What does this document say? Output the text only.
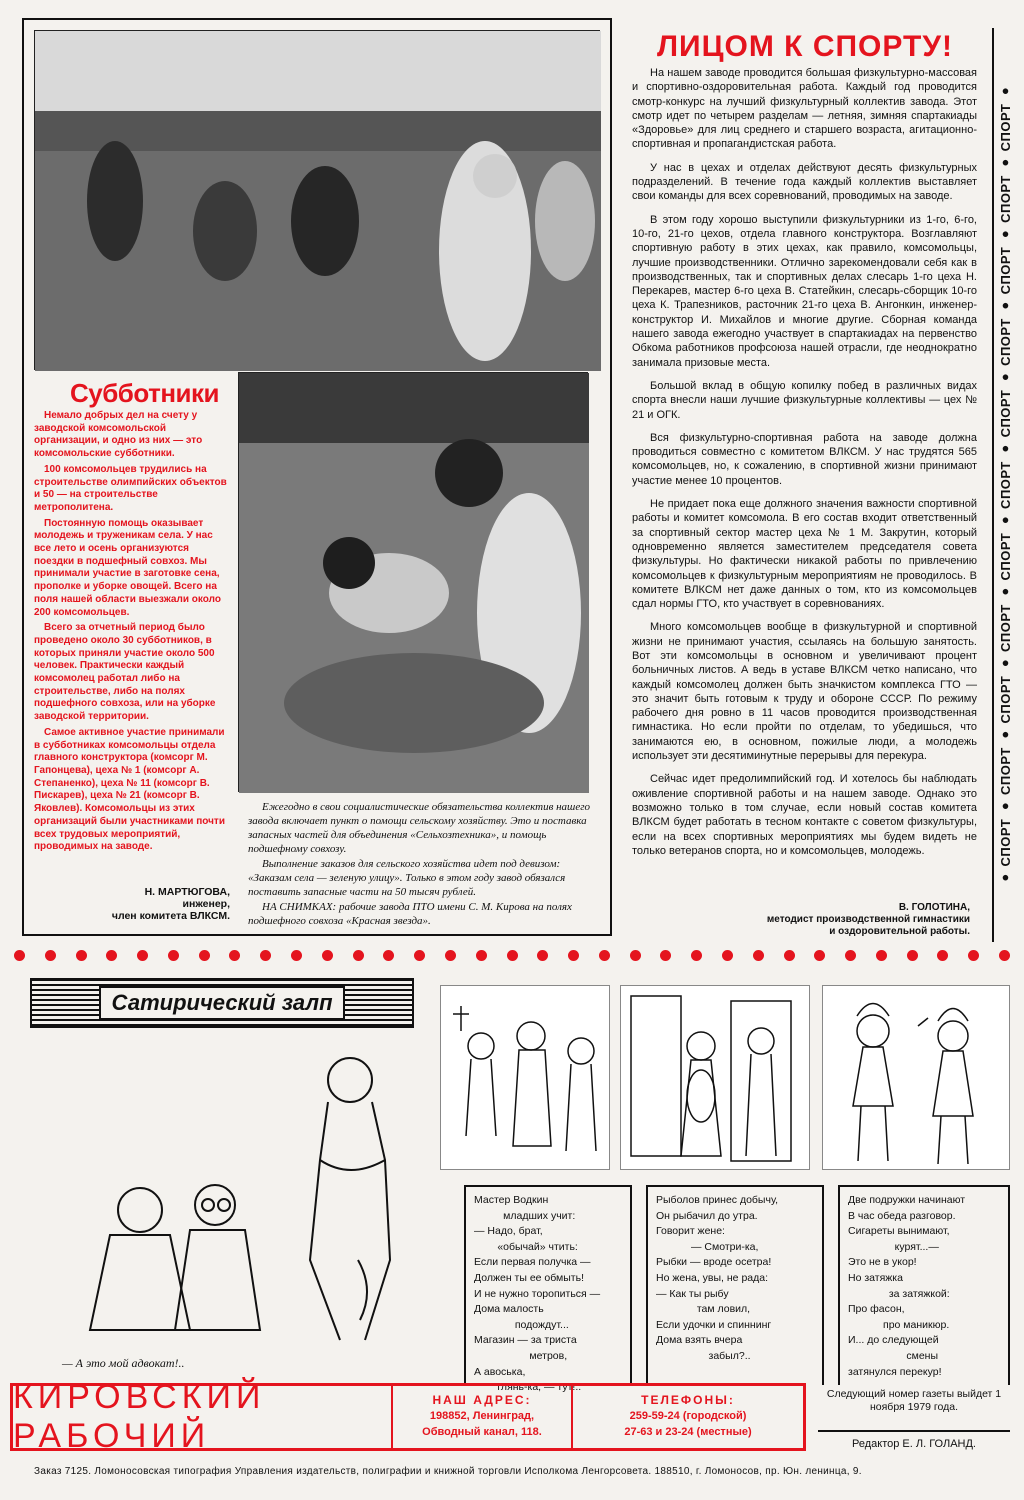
Субботники

Немало добрых дел на счету у заводской комсомольской организации, и одно из них — это комсомольские субботники.

100 комсомольцев трудились на строительстве олимпийских объектов и 50 — на строительстве метрополитена.

Постоянную помощь оказывает молодежь и труженикам села. У нас все лето и осень организуются поездки в подшефный совхоз. Мы принимали участие в заготовке сена, прополке и уборке овощей. Всего на поля нашей области выезжали около 200 комсомольцев.

Всего за отчетный период было проведено около 30 субботников, в которых приняли участие около 500 человек. Практически каждый комсомолец работал либо на строительстве, либо на полях подшефного совхоза, или на уборке заводской территории.

Самое активное участие принимали в субботниках комсомольцы отдела главного конструктора (комсорг М. Гапонцева), цеха № 1 (комсорг А. Степаненко), цеха № 11 (комсорг В. Пискарев), цеха № 21 (комсорг В. Яковлев). Комсомольцы из этих организаций были участниками почти всех трудовых мероприятий, проводимых на заводе.

Н. МАРТЮГОВА,
инженер,
член комитета ВЛКСМ.

Ежегодно в свои социалистические обязательства коллектив нашего завода включает пункт о помощи сельскому хозяйству. Это и поставка запасных частей для объединения «Сельхозтехника», и помощь подшефному совхозу.

Выполнение заказов для сельского хозяйства идет под девизом: «Заказам села — зеленую улицу». Только в этом году завод обязался поставить запасные части на 50 тысяч рублей.

НА СНИМКАХ: рабочие завода ПТО имени С. М. Кирова на полях подшефного совхоза «Красная звезда».

ЛИЦОМ К СПОРТУ!

На нашем заводе проводится большая физкультурно-массовая и спортивно-оздоровительная работа. Каждый год проводится смотр-конкурс на лучший физкультурный коллектив завода. Этот смотр идет по четырем разделам — летняя, зимняя спартакиады «Здоровье» для лиц среднего и старшего возраста, агитационно-спортивная и пропагандистская работа.

У нас в цехах и отделах действуют десять физкультурных подразделений. В течение года каждый коллектив выставляет свои команды для всех соревнований, проводимых на заводе.

В этом году хорошо выступили физкультурники из 1-го, 6-го, 10-го, 21-го цехов, отдела главного конструктора. Возглавляют спортивную работу в этих цехах, как правило, комсомольцы, лучшие производственники. Отлично зарекомендовали себя как в производственных, так и спортивных делах слесарь 1-го цеха Н. Перекарев, мастер 6-го цеха В. Статейкин, слесарь-сборщик 10-го цеха К. Трапезников, расточник 21-го цеха В. Ангонкин, инженер-конструктор И. Михайлов и многие другие. Сборная команда нашего завода ежегодно участвует в спартакиадах на первенство Обкома работников профсоюза нашей отрасли, где неоднократно занимала призовые места.

Большой вклад в общую копилку побед в различных видах спорта внесли наши лучшие физкультурные коллективы — цех № 21 и ОГК.

Вся физкультурно-спортивная работа на заводе должна проводиться совместно с комитетом ВЛКСМ. У нас трудятся 565 комсомольцев, но, к сожалению, в спортивной жизни принимают участие менее 10 процентов.

Не придает пока еще должного значения важности спортивной работы и комитет комсомола. В его состав входит ответственный за спортивный сектор мастер цеха № 1 М. Закрутин, который одновременно является заместителем председателя совета физкультуры. Но фактически никакой работы по привлечению комсомольцев к физкультурным мероприятиям не проводилось. В комитете ВЛКСМ нет даже данных о том, кто из комсомольцев сдал нормы ГТО, кто участвует в соревнованиях.

Много комсомольцев вообще в физкультурной и спортивной жизни не принимают участия, ссылаясь на большую занятость. Вот эти комсомольцы в основном и увеличивают процент больничных листов. А ведь в уставе ВЛКСМ четко написано, что каждый комсомолец должен быть значкистом комплекса ГТО — это значит быть готовым к труду и обороне СССР. По режиму рабочего дня ровно в 11 часов проводится производственная гимнастика. Но если пройти по отделам, то убедишься, что занимаются ею, в основном, пожилые люди, а молодежь использует эти десятиминутные перерывы для перекура.

Сейчас идет предолимпийский год. И хотелось бы наблюдать оживление спортивной работы и на нашем заводе. Однако это возможно только в том случае, если новый состав комитета ВЛКСМ будет работать в тесном контакте с советом физкультуры, если на всех спортивных мероприятиях мы будем видеть не только ветеранов спорта, но и комсомольцев, молодежь.

В. ГОЛОТИНА,
методист производственной гимнастики
и оздоровительной работы.
● СПОРТ ● СПОРТ ● СПОРТ ● СПОРТ ● СПОРТ ● СПОРТ ● СПОРТ ● СПОРТ ● СПОРТ ● СПОРТ ● СПОРТ ●
Сатирический залп
— А это мой адвокат!..
Мастер Водкин
младших учит:
— Надо, брат,
«обычай» чтить:
Если первая получка —
Должен ты ее обмыть!
И не нужно торопиться —
Дома малость
подождут...
Магазин — за триста
метров,
А авоська,
глянь-ка, — тут!..
Рыболов принес добычу,
Он рыбачил до утра.
Говорит жене:
— Смотри-ка,
Рыбки — вроде осетра!
Но жена, увы, не рада:
— Как ты рыбу
там ловил,
Если удочки и спиннинг
Дома взять вчера
забыл?..
Две подружки начинают
В час обеда разговор.
Сигареты вынимают,
курят...—
Это не в укор!
Но затяжка
за затяжкой:
Про фасон,
про маникюр.
И... до следующей
смены
затянулся перекур!
КИРОВСКИЙ РАБОЧИЙ
НАШ АДРЕС:
198852, Ленинград,
Обводный канал, 118.
ТЕЛЕФОНЫ:
259-59-24 (городской)
27-63 и 23-24 (местные)
Следующий номер газеты выйдет 1 ноября 1979 года.
Редактор Е. Л. ГОЛАНД.
Заказ 7125. Ломоносовская типография Управления издательств, полиграфии и книжной торговли Исполкома Ленгорсовета. 188510, г. Ломоносов, пр. Юн. ленинца, 9.
